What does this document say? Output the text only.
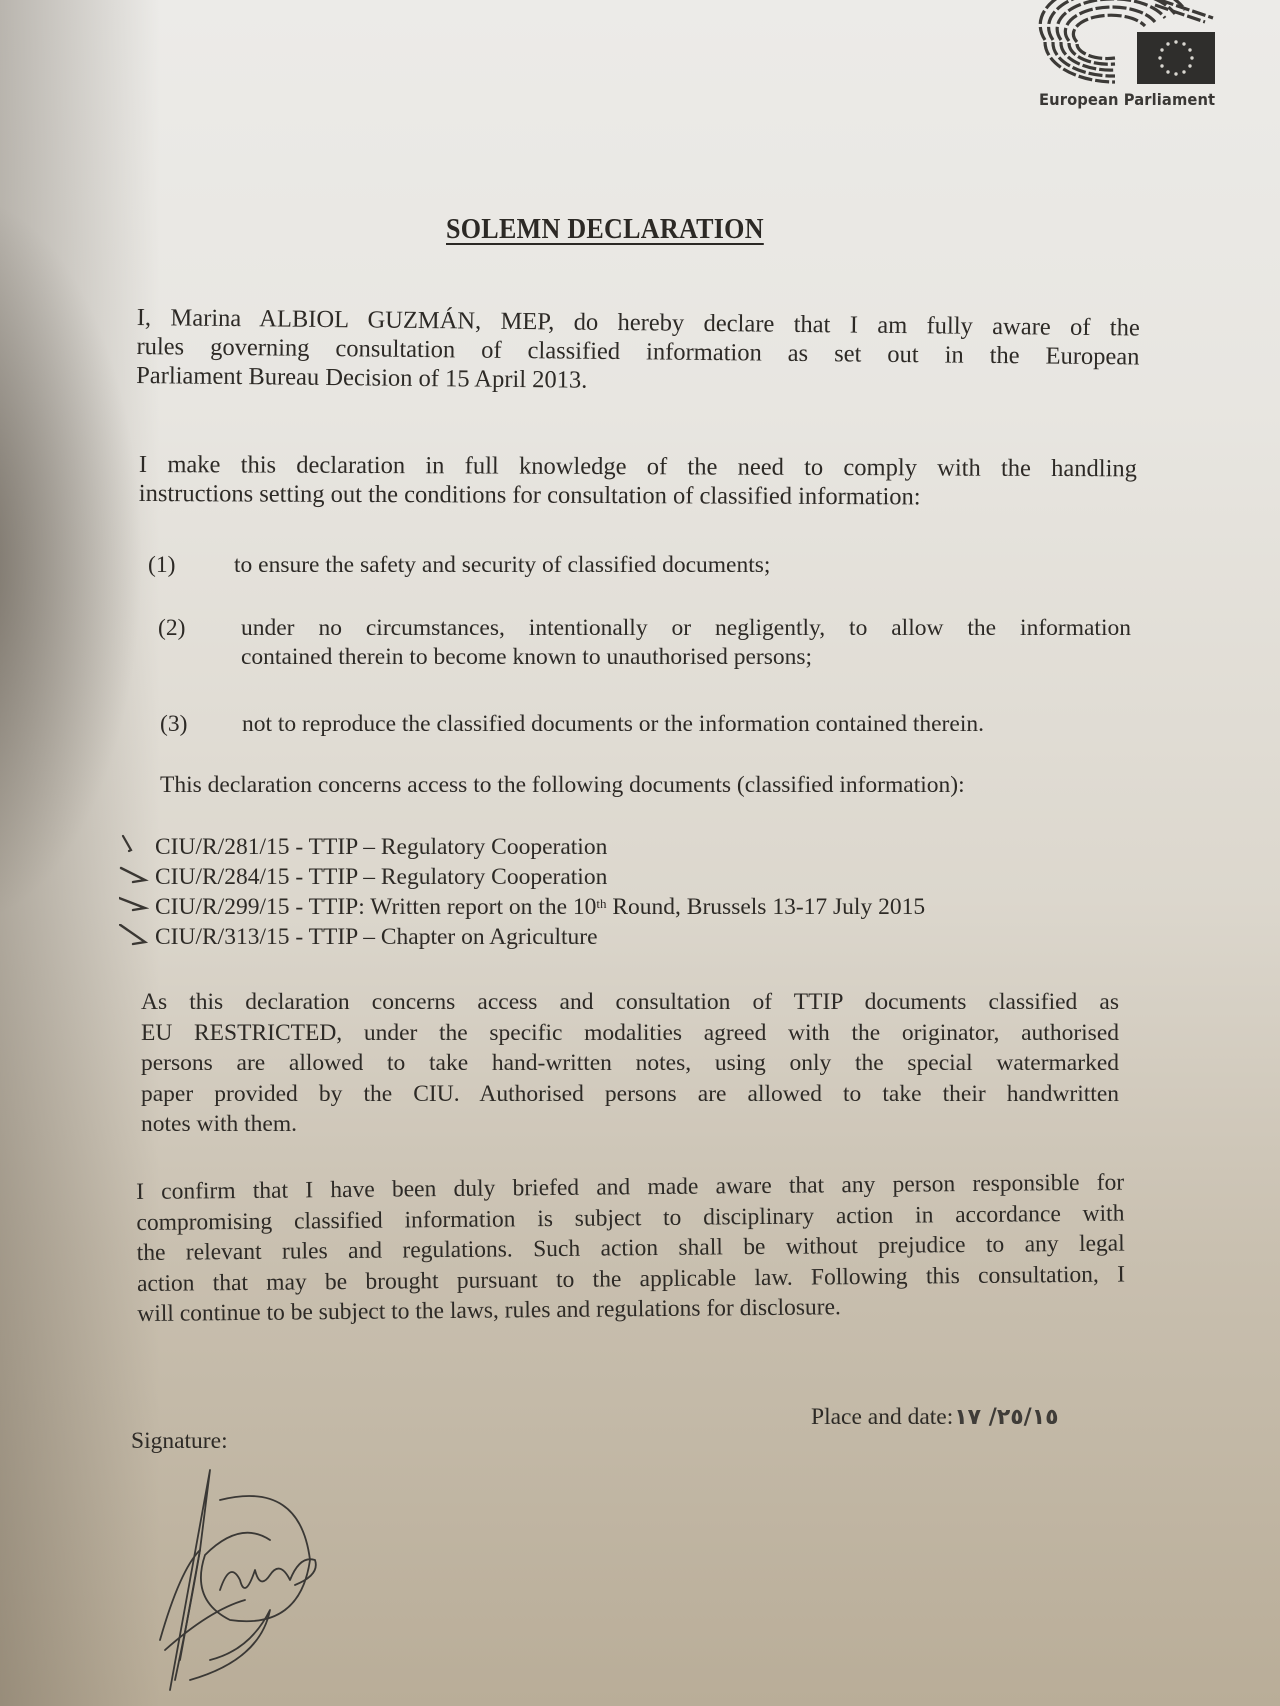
European Parliament
SOLEMN DECLARATION
I, Marina ALBIOL GUZMÁN, MEP, do hereby declare that I am fully aware of the
rules governing consultation of classified information as set out in the European
Parliament Bureau Decision of 15 April 2013.
I make this declaration in full knowledge of the need to comply with the handling
instructions setting out the conditions for consultation of classified information:
(1) to ensure the safety and security of classified documents;
(2) under no circumstances, intentionally or negligently, to allow the information
contained therein to become known to unauthorised persons;
(3) not to reproduce the classified documents or the information contained therein.
This declaration concerns access to the following documents (classified information):
CIU/R/281/15 - TTIP – Regulatory Cooperation
CIU/R/284/15 - TTIP – Regulatory Cooperation
CIU/R/299/15 - TTIP: Written report on the 10th Round, Brussels 13-17 July 2015
CIU/R/313/15 - TTIP – Chapter on Agriculture
As this declaration concerns access and consultation of TTIP documents classified as
EU RESTRICTED, under the specific modalities agreed with the originator, authorised
persons are allowed to take hand-written notes, using only the special watermarked
paper provided by the CIU. Authorised persons are allowed to take their handwritten
notes with them.
I confirm that I have been duly briefed and made aware that any person responsible for
compromising classified information is subject to disciplinary action in accordance with
the relevant rules and regulations. Such action shall be without prejudice to any legal
action that may be brought pursuant to the applicable law. Following this consultation, I
will continue to be subject to the laws, rules and regulations for disclosure.
Place and date:٢٥/١٥/ ١٧
Signature:
